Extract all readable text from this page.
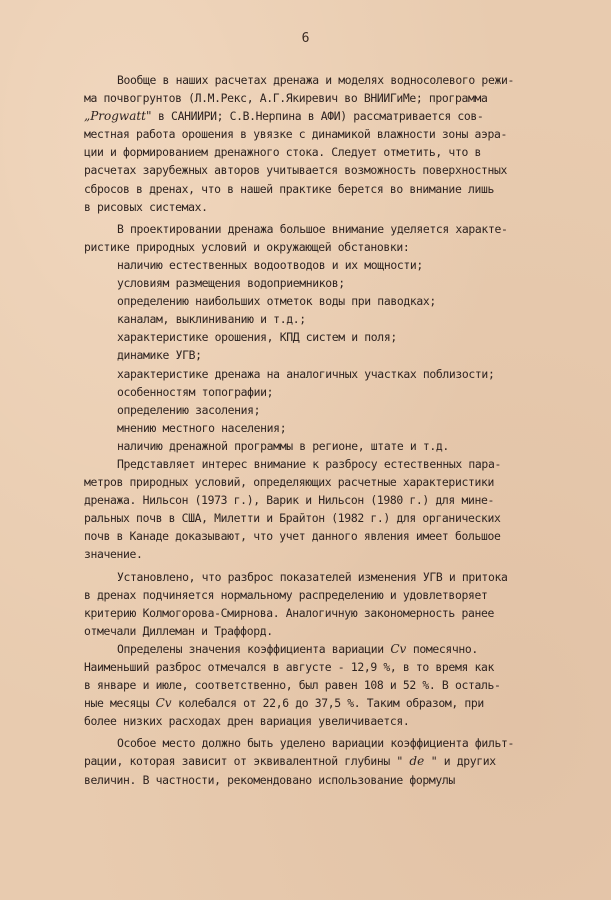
6
Вообще в наших расчетах дренажа и моделях водносолевого режи-
ма почвогрунтов (Л.М.Рекс, А.Г.Якиревич во ВНИИГиМе; программа
„Progwatt" в САНИИРИ; С.В.Нерпина в АФИ) рассматривается сов-
местная работа орошения в увязке с динамикой влажности зоны аэра-
ции и формированием дренажного стока. Следует отметить, что в
расчетах зарубежных авторов учитывается возможность поверхностных
сбросов в дренах, что в нашей практике берется во внимание лишь
в рисовых системах.
В проектировании дренажа большое внимание уделяется характе-
ристике природных условий и окружающей обстановки:
наличию естественных водоотводов и их мощности;
условиям размещения водоприемников;
определению наибольших отметок воды при паводках;
каналам, выклиниванию и т.д.;
характеристике орошения, КПД систем и поля;
динамике УГВ;
характеристике дренажа на аналогичных участках поблизости;
особенностям топографии;
определению засоления;
мнению местного населения;
наличию дренажной программы в регионе, штате и т.д.
Представляет интерес внимание к разбросу естественных пара-
метров природных условий, определяющих расчетные характеристики
дренажа. Нильсон (1973 г.), Варик и Нильсон (1980 г.) для мине-
ральных почв в США, Милетти и Брайтон (1982 г.) для органических
почв в Канаде доказывают, что учет данного явления имеет большое
значение.
Установлено, что разброс показателей изменения УГВ и притока
в дренах подчиняется нормальному распределению и удовлетворяет
критерию Колмогорова-Смирнова. Аналогичную закономерность ранее
отмечали Диллеман и Траффорд.
Определены значения коэффициента вариации Cv помесячно.
Наименьший разброс отмечался в августе - 12,9 %, в то время как
в январе и июле, соответственно, был равен 108 и 52 %. В осталь-
ные месяцы Cv колебался от 22,6 до 37,5 %. Таким образом, при
более низких расходах дрен вариация увеличивается.
Особое место должно быть уделено вариации коэффициента фильт-
рации, которая зависит от эквивалентной глубины " dе " и других
величин. В частности, рекомендовано использование формулы
